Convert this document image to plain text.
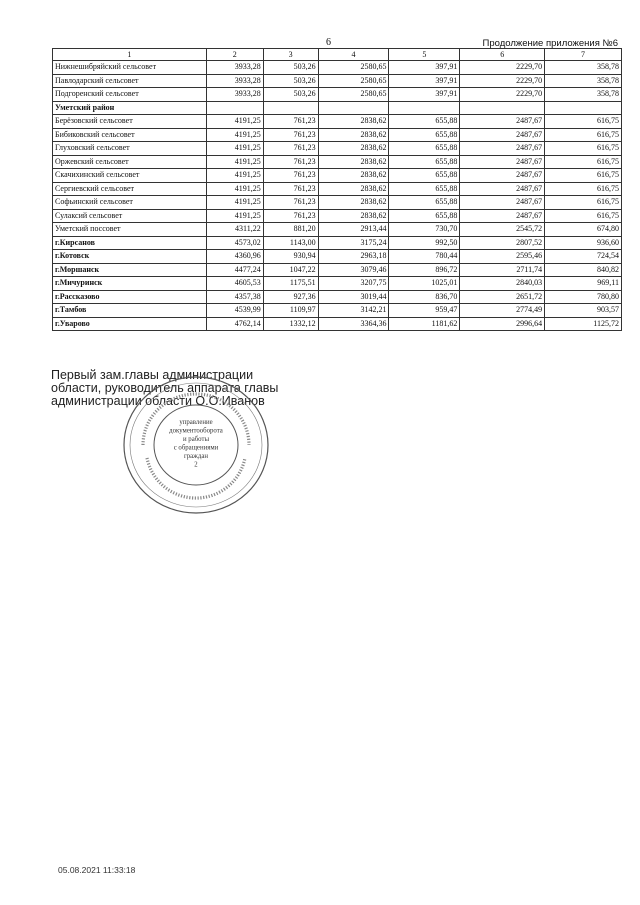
6	Продолжение приложения №6
1	2	3	4	5	6	7
Нижнешибряйский сельсовет	3933,28	503,26	2580,65	397,91	2229,70	358,78
Павлодарский сельсовет	3933,28	503,26	2580,65	397,91	2229,70	358,78
Подгоренский сельсовет	3933,28	503,26	2580,65	397,91	2229,70	358,78
Уметский район						
Берёзовский сельсовет	4191,25	761,23	2838,62	655,88	2487,67	616,75
Бибиковский сельсовет	4191,25	761,23	2838,62	655,88	2487,67	616,75
Глуховский сельсовет	4191,25	761,23	2838,62	655,88	2487,67	616,75
Оржевский сельсовет	4191,25	761,23	2838,62	655,88	2487,67	616,75
Скачихинский сельсовет	4191,25	761,23	2838,62	655,88	2487,67	616,75
Сергиевский сельсовет	4191,25	761,23	2838,62	655,88	2487,67	616,75
Софьинский сельсовет	4191,25	761,23	2838,62	655,88	2487,67	616,75
Сулаксий сельсовет	4191,25	761,23	2838,62	655,88	2487,67	616,75
Уметский поссовет	4311,22	881,20	2913,44	730,70	2545,72	674,80
г.Кирсанов	4573,02	1143,00	3175,24	992,50	2807,52	936,60
г.Котовск	4360,96	930,94	2963,18	780,44	2595,46	724,54
г.Моршанск	4477,24	1047,22	3079,46	896,72	2711,74	840,82
г.Мичуринск	4605,53	1175,51	3207,75	1025,01	2840,03	969,11
г.Рассказово	4357,38	927,36	3019,44	836,70	2651,72	780,80
г.Тамбов	4539,99	1109,97	3142,21	959,47	2774,49	903,57
г.Уварово	4762,14	1332,12	3364,36	1181,62	2996,64	1125,72
Первый зам.главы администрации
области, руководитель аппарата главы
администрации области О.О.Иванов
управление
документооборота
и работы
с обращениями
граждан
2
05.08.2021 11:33:18
